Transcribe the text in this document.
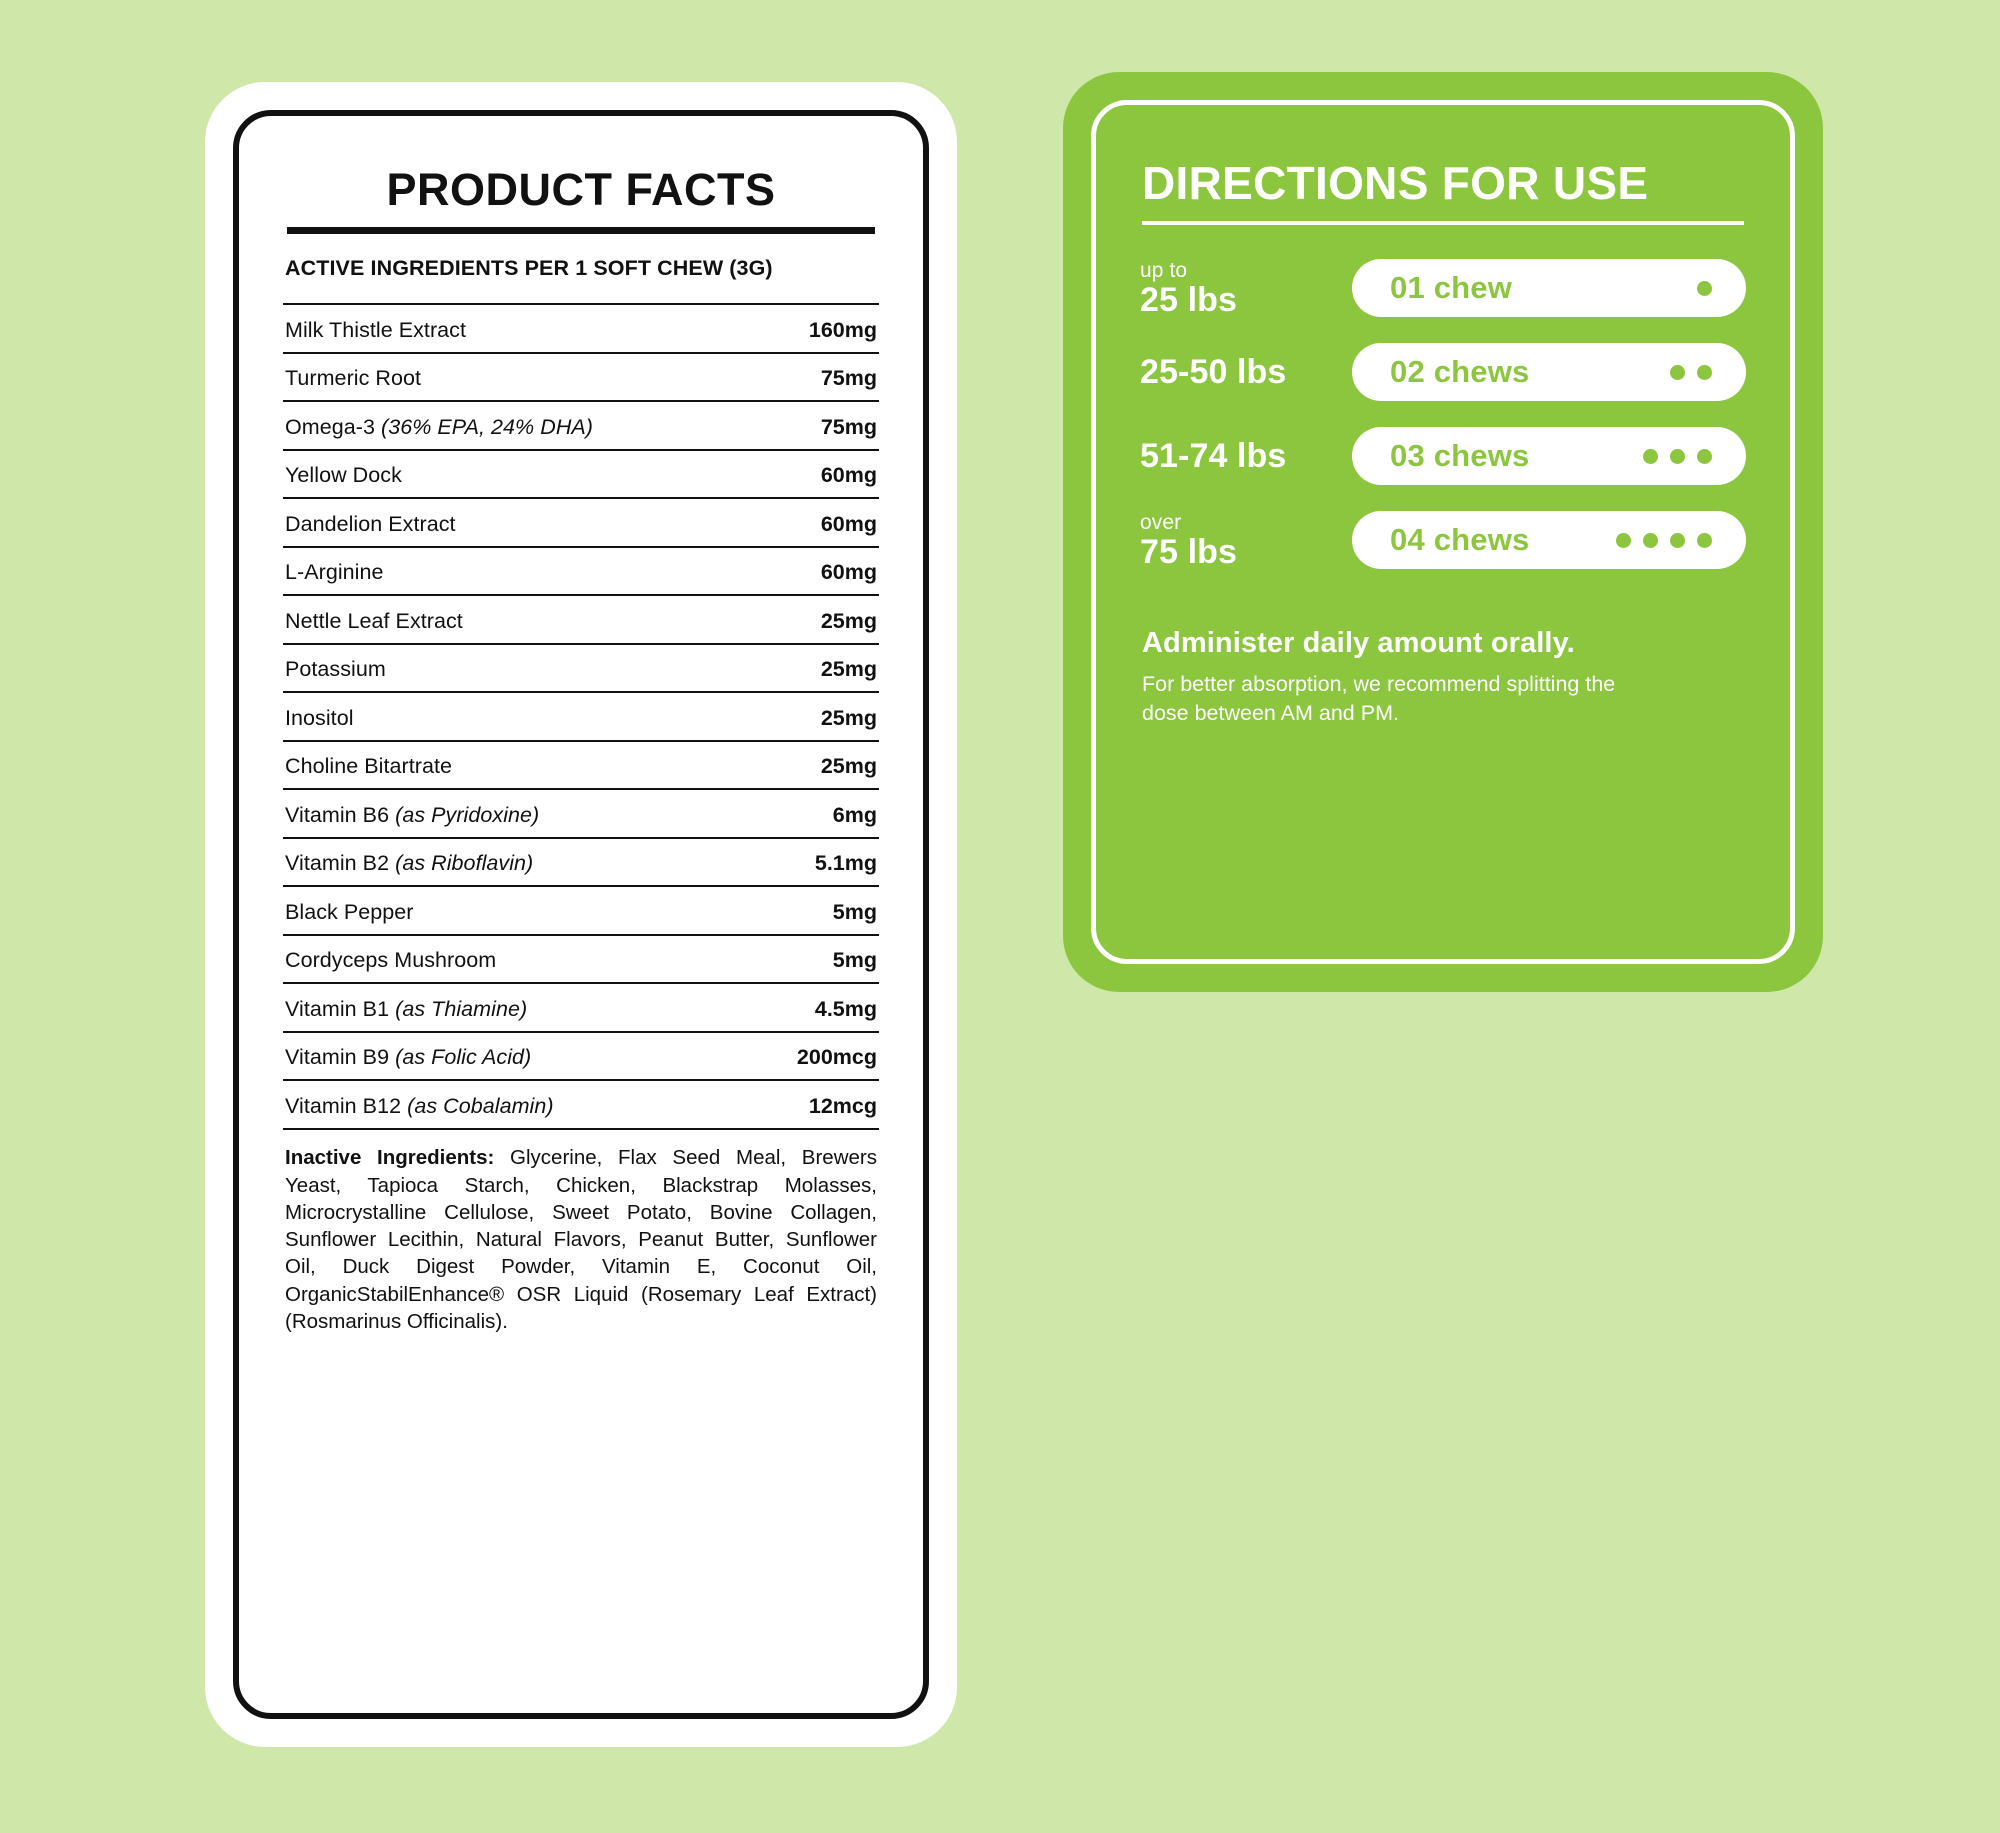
PRODUCT FACTS
ACTIVE INGREDIENTS PER 1 SOFT CHEW (3G)
Milk Thistle Extract	160mg
Turmeric Root	75mg
Omega-3 (36% EPA, 24% DHA)	75mg
Yellow Dock	60mg
Dandelion Extract	60mg
L-Arginine	60mg
Nettle Leaf Extract	25mg
Potassium	25mg
Inositol	25mg
Choline Bitartrate	25mg
Vitamin B6 (as Pyridoxine)	6mg
Vitamin B2 (as Riboflavin)	5.1mg
Black Pepper	5mg
Cordyceps Mushroom	5mg
Vitamin B1 (as Thiamine)	4.5mg
Vitamin B9 (as Folic Acid)	200mcg
Vitamin B12 (as Cobalamin)	12mcg

Inactive Ingredients: Glycerine, Flax Seed Meal, Brewers Yeast, Tapioca Starch, Chicken, Blackstrap Molasses, Microcrystalline Cellulose, Sweet Potato, Bovine Collagen, Sunflower Lecithin, Natural Flavors, Peanut Butter, Sunflower Oil, Duck Digest Powder, Vitamin E, Coconut Oil, OrganicStabilEnhance® OSR Liquid (Rosemary Leaf Extract) (Rosmarinus Officinalis).

DIRECTIONS FOR USE
up to
25 lbs	01 chew
25-50 lbs	02 chews
51-74 lbs	03 chews
over
75 lbs	04 chews
Administer daily amount orally.
For better absorption, we recommend splitting the dose between AM and PM.
